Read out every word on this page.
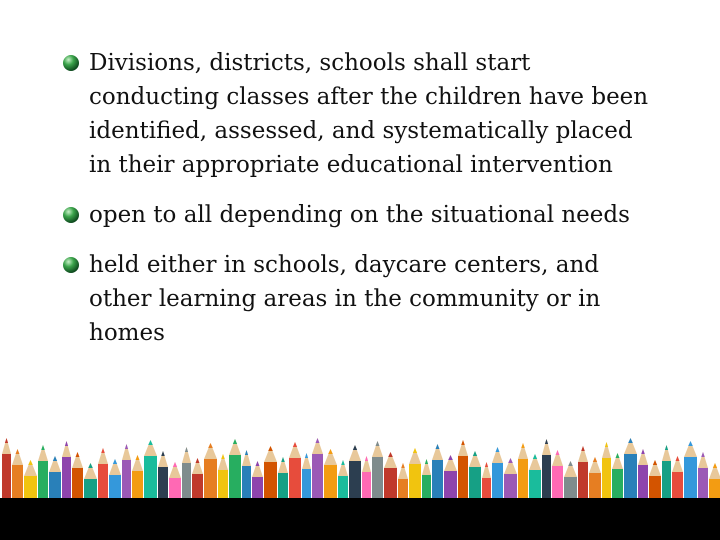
Divisions, districts, schools shall start conducting classes after the children have been identified, assessed, and systematically placed in their appropriate educational intervention
open to all depending on the situational needs
held either in schools, daycare centers, and other learning areas in the community or in homes
